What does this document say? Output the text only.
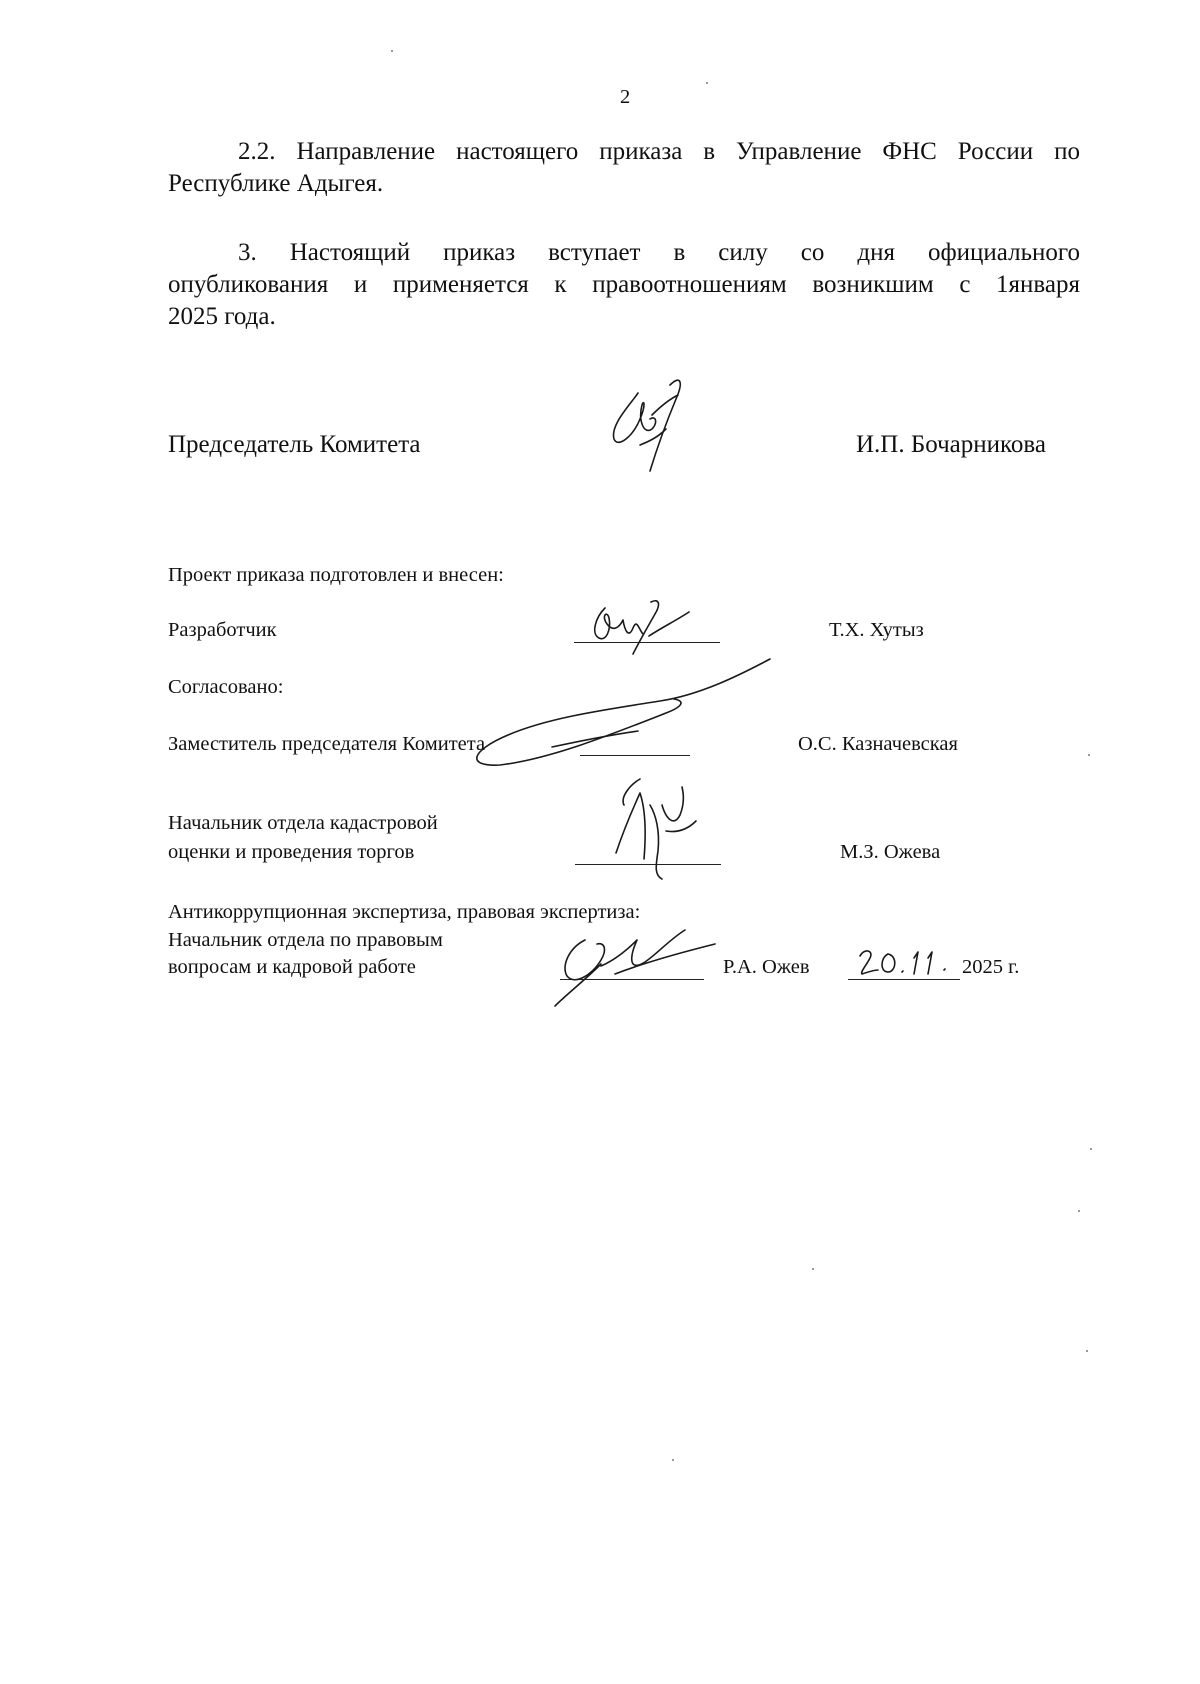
2
2.2. Направление настоящего приказа в Управление ФНС России по
Республике Адыгея.
3. Настоящий приказ вступает в силу со дня официального
опубликования и применяется к правоотношениям возникшим с 1января
2025 года.
Председатель Комитета	И.П. Бочарникова
Проект приказа подготовлен и внесен:
Разработчик	Т.Х. Хутыз
Согласовано:
Заместитель председателя Комитета	О.С. Казначевская
Начальник отдела кадастровой
оценки и проведения торгов	М.З. Ожева
Антикоррупционная экспертиза, правовая экспертиза:
Начальник отдела по правовым
вопросам и кадровой работе	Р.А. Ожев	2025 г.
